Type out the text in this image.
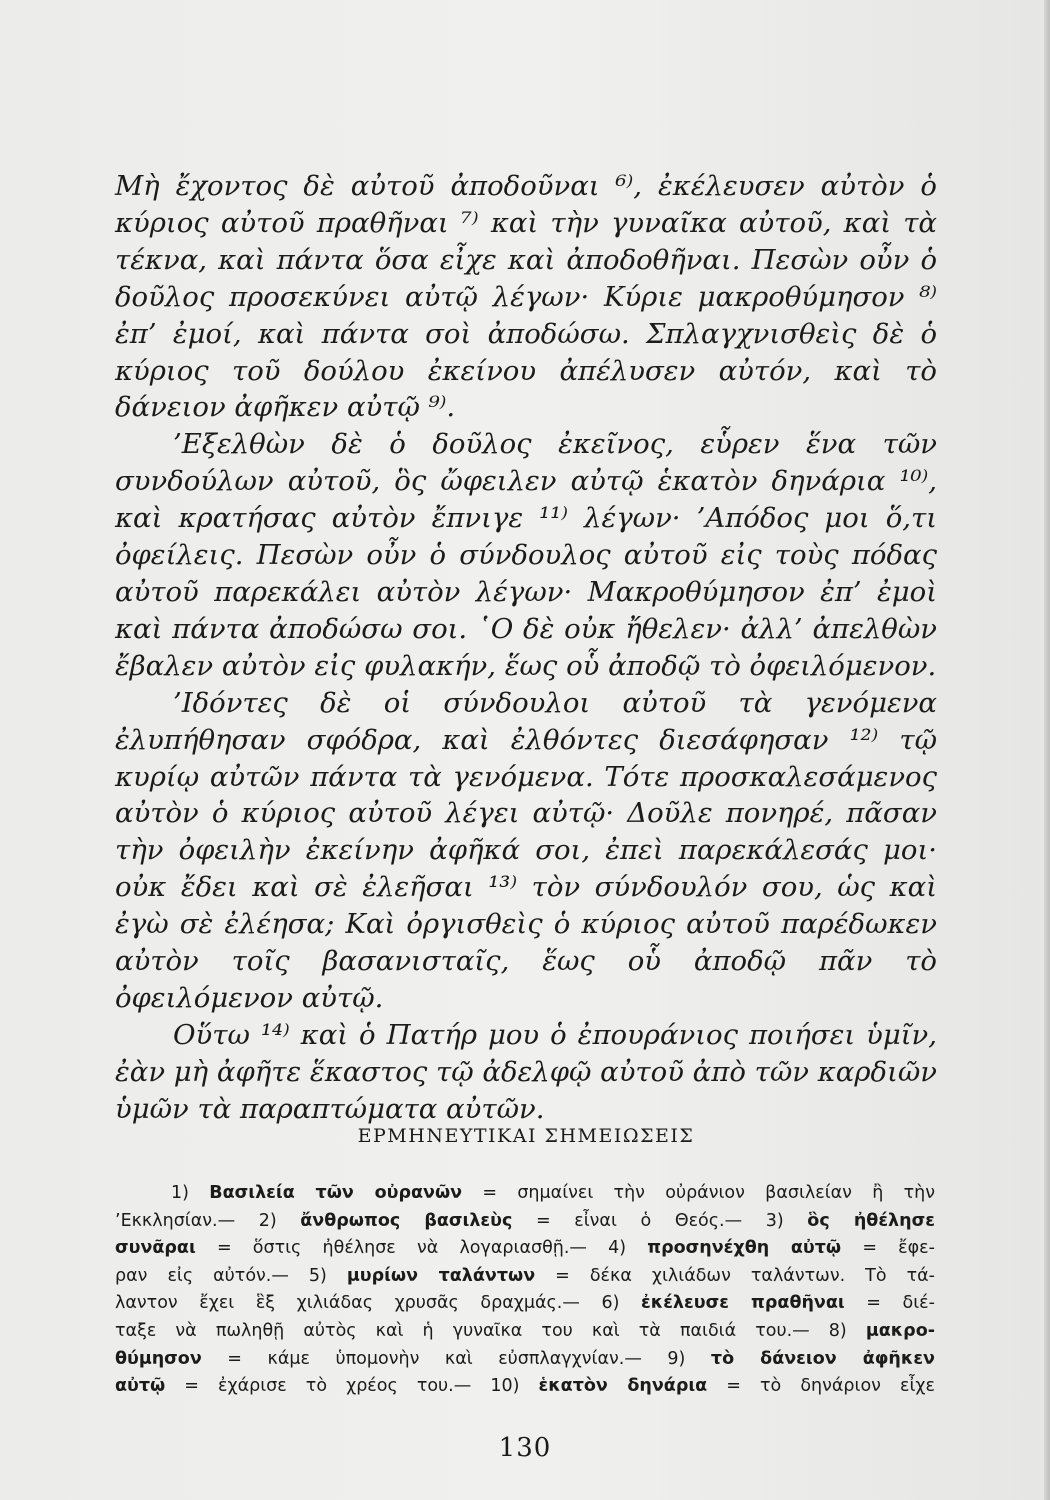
Μὴ ἔχοντος δὲ αὐτοῦ ἀποδοῦναι ⁶⁾, ἐκέλευσεν αὐτὸν ὁ κύριος αὐτοῦ πραθῆναι ⁷⁾ καὶ τὴν γυναῖκα αὐτοῦ, καὶ τὰ τέκνα, καὶ πάντα ὅσα εἶχε καὶ ἀποδοθῆναι. Πεσὼν οὖν ὁ δοῦλος προσεκύνει αὐτῷ λέγων· Κύριε μακροθύμησον ⁸⁾ ἐπ’ ἐμοί, καὶ πάντα σοὶ ἀποδώσω. Σπλαγχνισθεὶς δὲ ὁ κύριος τοῦ δούλου ἐκείνου ἀπέλυσεν αὐτόν, καὶ τὸ δάνειον ἀφῆκεν αὐτῷ ⁹⁾.

’Εξελθὼν δὲ ὁ δοῦλος ἐκεῖνος, εὗρεν ἕνα τῶν συνδούλων αὐτοῦ, ὃς ὤφειλεν αὐτῷ ἑκατὸν δηνάρια ¹⁰⁾, καὶ κρατήσας αὐτὸν ἔπνιγε ¹¹⁾ λέγων· ’Απόδος μοι ὅ,τι ὀφείλεις. Πεσὼν οὖν ὁ σύνδουλος αὐτοῦ εἰς τοὺς πόδας αὐτοῦ παρεκάλει αὐτὸν λέγων· Μακροθύμησον ἐπ’ ἐμοὶ καὶ πάντα ἀποδώσω σοι. ῾Ο δὲ οὐκ ἤθελεν· ἀλλ’ ἀπελθὼν ἔβαλεν αὐτὸν εἰς φυλακήν, ἕως οὗ ἀποδῷ τὸ ὀφειλόμενον.

’Ιδόντες δὲ οἱ σύνδουλοι αὐτοῦ τὰ γενόμενα ἐλυπήθησαν σφόδρα, καὶ ἐλθόντες διεσάφησαν ¹²⁾ τῷ κυρίῳ αὐτῶν πάντα τὰ γενόμενα. Τότε προσκαλεσάμενος αὐτὸν ὁ κύριος αὐτοῦ λέγει αὐτῷ· Δοῦλε πονηρέ, πᾶσαν τὴν ὀφειλὴν ἐκείνην ἀφῆκά σοι, ἐπεὶ παρεκάλεσάς μοι· οὐκ ἔδει καὶ σὲ ἐλεῆσαι ¹³⁾ τὸν σύνδουλόν σου, ὡς καὶ ἐγὼ σὲ ἐλέησα; Καὶ ὀργισθεὶς ὁ κύριος αὐτοῦ παρέδωκεν αὐτὸν τοῖς βασανισταῖς, ἕως οὗ ἀποδῷ πᾶν τὸ ὀφειλόμενον αὐτῷ.

Οὕτω ¹⁴⁾ καὶ ὁ Πατήρ μου ὁ ἐπουράνιος ποιήσει ὑμῖν, ἐὰν μὴ ἀφῆτε ἕκαστος τῷ ἀδελφῷ αὐτοῦ ἀπὸ τῶν καρδιῶν ὑμῶν τὰ παραπτώματα αὐτῶν.

ΕΡΜΗΝΕΥΤΙΚΑΙ ΣΗΜΕΙΩΣΕΙΣ
1) Βασιλεία τῶν οὐρανῶν = σημαίνει τὴν οὐράνιον βασιλείαν ἢ τὴν
’Εκκλησίαν.— 2) ἄνθρωπος βασιλεὺς = εἶναι ὁ Θεός.— 3) ὃς ἠθέλησε
συνᾶραι = ὅστις ἠθέλησε νὰ λογαριασθῇ.— 4) προσηνέχθη αὐτῷ = ἔφε-
ραν εἰς αὐτόν.— 5) μυρίων ταλάντων = δέκα χιλιάδων ταλάντων. Τὸ τά-
λαντον ἔχει ἓξ χιλιάδας χρυσᾶς δραχμάς.— 6) ἐκέλευσε πραθῆναι = διέ-
ταξε νὰ πωληθῇ αὐτὸς καὶ ἡ γυναῖκα του καὶ τὰ παιδιά του.— 8) μακρο-
θύμησον = κάμε ὑπομονὴν καὶ εὐσπλαγχνίαν.— 9) τὸ δάνειον ἀφῆκεν
αὐτῷ = ἐχάρισε τὸ χρέος του.— 10) ἑκατὸν δηνάρια = τὸ δηνάριον εἶχε
130
